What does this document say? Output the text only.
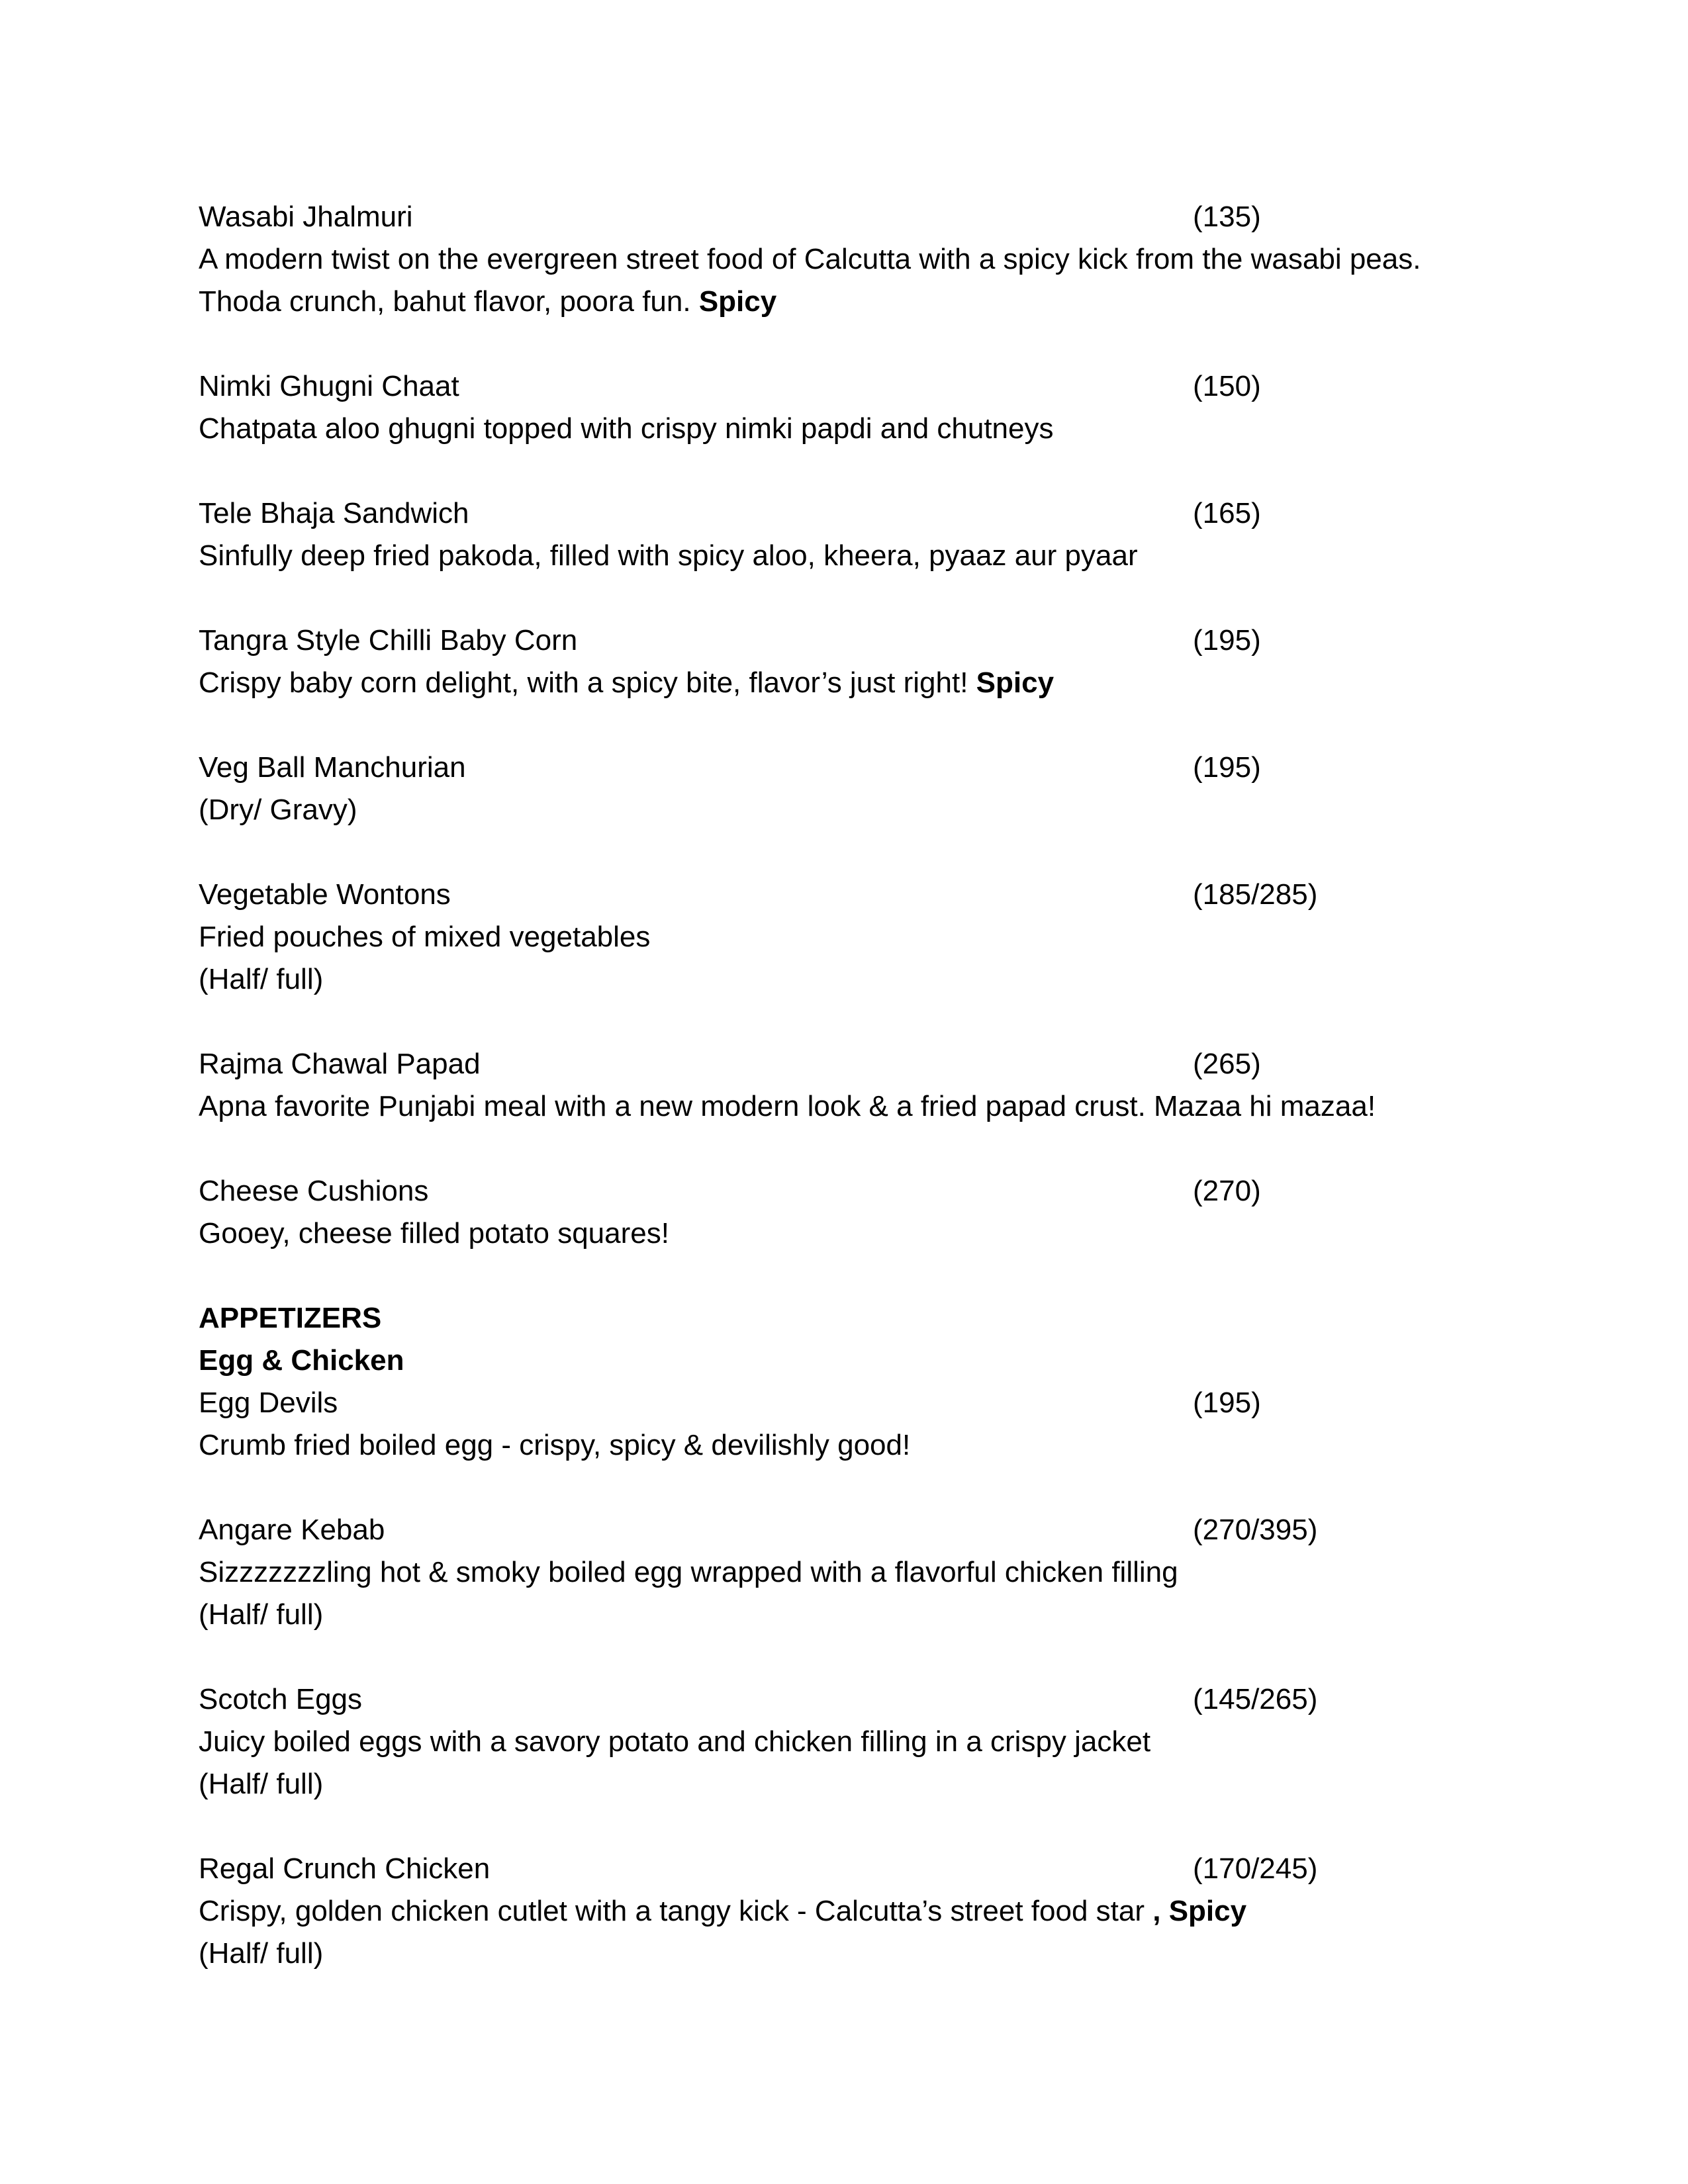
Wasabi Jhalmuri	(135)
A modern twist on the evergreen street food of Calcutta with a spicy kick from the wasabi peas.
Thoda crunch, bahut flavor, poora fun. Spicy
Nimki Ghugni Chaat	(150)
Chatpata aloo ghugni topped with crispy nimki papdi and chutneys
Tele Bhaja Sandwich	(165)
Sinfully deep fried pakoda, filled with spicy aloo, kheera, pyaaz aur pyaar
Tangra Style Chilli Baby Corn	(195)
Crispy baby corn delight, with a spicy bite, flavor’s just right! Spicy
Veg Ball Manchurian	(195)
(Dry/ Gravy)
Vegetable Wontons	(185/285)
Fried pouches of mixed vegetables
(Half/ full)
Rajma Chawal Papad	(265)
Apna favorite Punjabi meal with a new modern look & a fried papad crust. Mazaa hi mazaa!
Cheese Cushions	(270)
Gooey, cheese filled potato squares!
APPETIZERS
Egg & Chicken
Egg Devils	(195)
Crumb fried boiled egg - crispy, spicy & devilishly good!
Angare Kebab	(270/395)
Sizzzzzzzling hot & smoky boiled egg wrapped with a flavorful chicken filling
(Half/ full)
Scotch Eggs	(145/265)
Juicy boiled eggs with a savory potato and chicken filling in a crispy jacket
(Half/ full)
Regal Crunch Chicken	(170/245)
Crispy, golden chicken cutlet with a tangy kick - Calcutta’s street food star , Spicy
(Half/ full)
